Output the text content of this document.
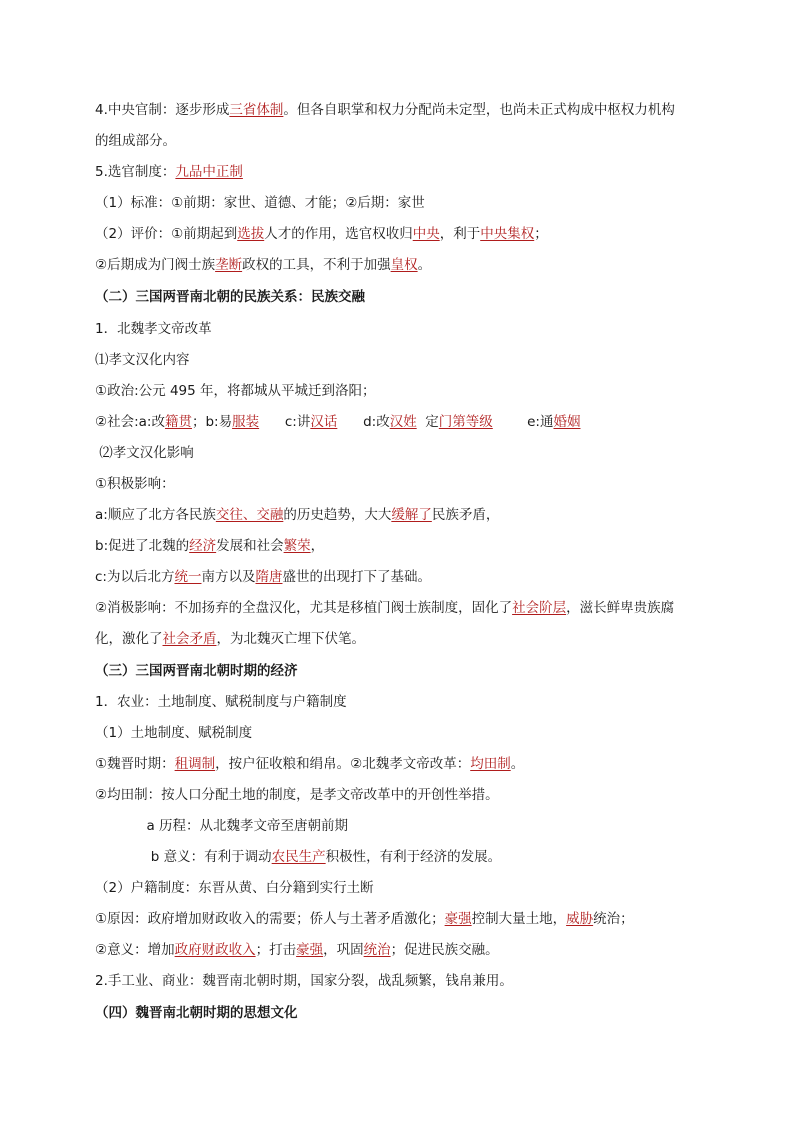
4.中央官制：逐步形成三省体制。但各自职掌和权力分配尚未定型，也尚未正式构成中枢权力机构
的组成部分。
5.选官制度：九品中正制
（1）标准：①前期：家世、道德、才能；②后期：家世
（2）评价：①前期起到选拔人才的作用，选官权收归中央，利于中央集权；
②后期成为门阀士族垄断政权的工具，不利于加强皇权。
（二）三国两晋南北朝的民族关系：民族交融
1．北魏孝文帝改革
⑴孝文汉化内容
①政治:公元 495 年，将都城从平城迁到洛阳；
②社会:a:改籍贯；b:易服装      c:讲汉话      d:改汉姓  定门第等级        e:通婚姻
⑵孝文汉化影响
①积极影响：
a:顺应了北方各民族交往、交融的历史趋势，大大缓解了民族矛盾，
b:促进了北魏的经济发展和社会繁荣，
c:为以后北方统一南方以及隋唐盛世的出现打下了基础。
②消极影响：不加扬弃的全盘汉化，尤其是移植门阀士族制度，固化了社会阶层，滋长鲜卑贵族腐
化，激化了社会矛盾，为北魏灭亡埋下伏笔。
（三）三国两晋南北朝时期的经济
1．农业：土地制度、赋税制度与户籍制度
（1）土地制度、赋税制度
①魏晋时期：租调制，按户征收粮和绢帛。②北魏孝文帝改革：均田制。
②均田制：按人口分配土地的制度，是孝文帝改革中的开创性举措。
a 历程：从北魏孝文帝至唐朝前期
b 意义：有利于调动农民生产积极性，有利于经济的发展。
（2）户籍制度：东晋从黄、白分籍到实行土断
①原因：政府增加财政收入的需要；侨人与土著矛盾激化；豪强控制大量土地，威胁统治；
②意义：增加政府财政收入；打击豪强，巩固统治；促进民族交融。
2.手工业、商业：魏晋南北朝时期，国家分裂，战乱频繁，钱帛兼用。
（四）魏晋南北朝时期的思想文化
